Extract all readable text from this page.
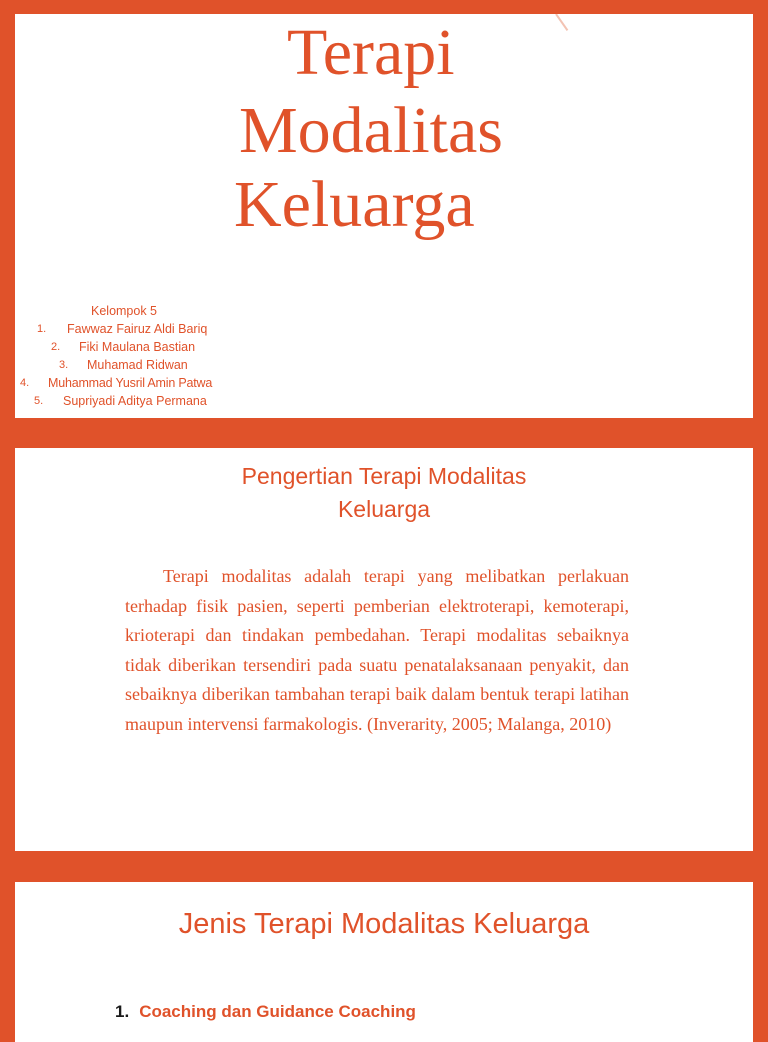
Terapi
Modalitas
Keluarga
Kelompok 5
1. Fawwaz Fairuz Aldi Bariq
2. Fiki Maulana Bastian
3. Muhamad Ridwan
4. Muhammad Yusril Amin Patwa
5. Supriyadi Aditya Permana
Pengertian Terapi Modalitas
Keluarga

Terapi modalitas adalah terapi yang melibatkan perlakuan terhadap fisik pasien, seperti pemberian elektroterapi, kemoterapi, krioterapi dan tindakan pembedahan. Terapi modalitas sebaiknya tidak diberikan tersendiri pada suatu penatalaksanaan penyakit, dan sebaiknya diberikan tambahan terapi baik dalam bentuk terapi latihan maupun intervensi farmakologis. (Inverarity, 2005; Malanga, 2010)

Jenis Terapi Modalitas Keluarga
1. Coaching dan Guidance Coaching
